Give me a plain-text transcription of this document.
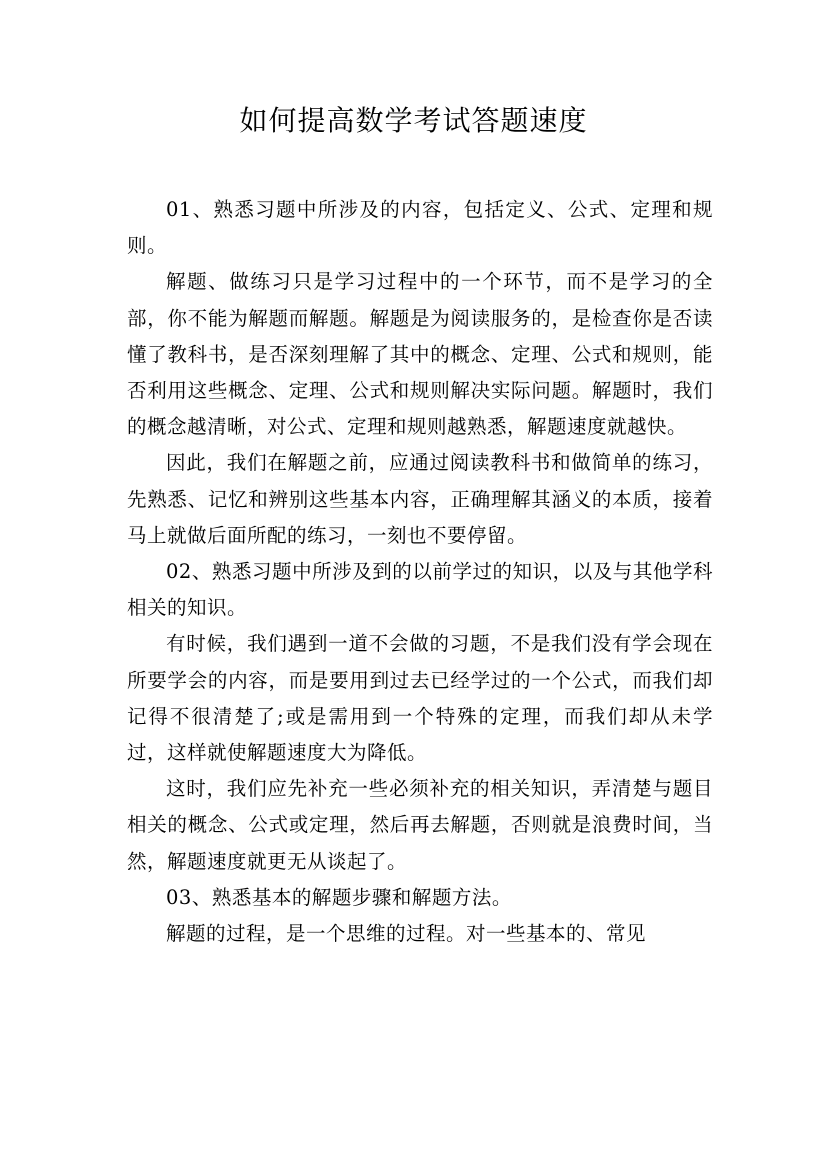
如何提高数学考试答题速度

01、熟悉习题中所涉及的内容，包括定义、公式、定理和规则。

解题、做练习只是学习过程中的一个环节，而不是学习的全部，你不能为解题而解题。解题是为阅读服务的，是检查你是否读懂了教科书，是否深刻理解了其中的概念、定理、公式和规则，能否利用这些概念、定理、公式和规则解决实际问题。解题时，我们的概念越清晰，对公式、定理和规则越熟悉，解题速度就越快。

因此，我们在解题之前，应通过阅读教科书和做简单的练习，先熟悉、记忆和辨别这些基本内容，正确理解其涵义的本质，接着马上就做后面所配的练习，一刻也不要停留。

02、熟悉习题中所涉及到的以前学过的知识，以及与其他学科相关的知识。

有时候，我们遇到一道不会做的习题，不是我们没有学会现在所要学会的内容，而是要用到过去已经学过的一个公式，而我们却记得不很清楚了;或是需用到一个特殊的定理，而我们却从未学过，这样就使解题速度大为降低。

这时，我们应先补充一些必须补充的相关知识，弄清楚与题目相关的概念、公式或定理，然后再去解题，否则就是浪费时间，当然，解题速度就更无从谈起了。

03、熟悉基本的解题步骤和解题方法。

解题的过程，是一个思维的过程。对一些基本的、常见
